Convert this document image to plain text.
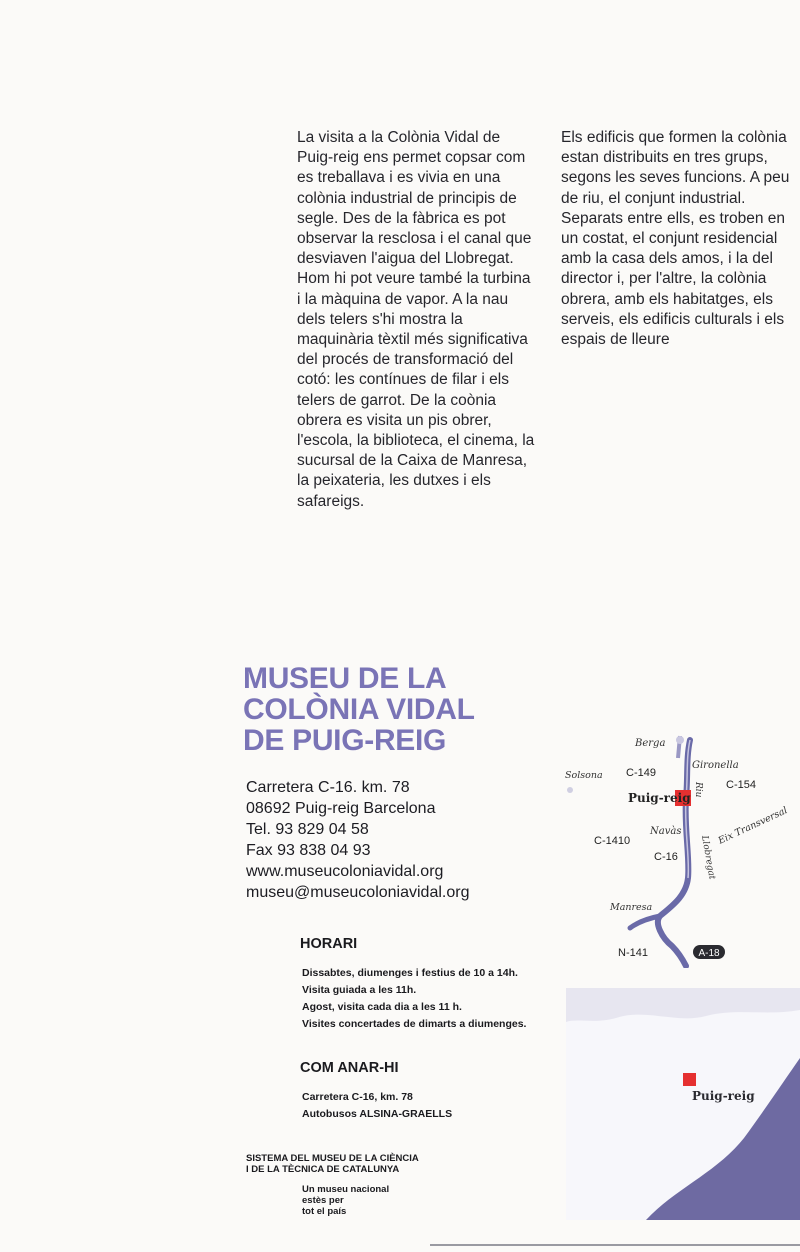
La visita a la Colònia Vidal de Puig-reig ens permet copsar com es treballava i es vivia en una colònia industrial de principis de segle. Des de la fàbrica es pot observar la resclosa i el canal que desviaven l'aigua del Llobregat. Hom hi pot veure també la turbina i la màquina de vapor. A la nau dels telers s'hi mostra la maquinària tèxtil més significativa del procés de transformació del cotó: les contínues de filar i els telers de garrot. De la coònia obrera es visita un pis obrer, l'escola, la biblioteca, el cinema, la sucursal de la Caixa de Manresa, la peixateria, les dutxes i els safareigs.

Els edificis que formen la colònia estan distribuits en tres grups, segons les seves funcions. A peu de riu, el conjunt industrial. Separats entre ells, es troben en un costat, el conjunt residencial amb la casa dels amos, i la del director i, per l'altre, la colònia obrera, amb els habitatges, els serveis, els edificis culturals i els espais de lleure

MUSEU DE LA
COLÒNIA VIDAL
DE PUIG-REIG
Carretera C-16. km. 78
08692 Puig-reig Barcelona
Tel. 93 829 04 58
Fax 93 838 04 93
www.museucoloniavidal.org
museu@museucoloniavidal.org
HORARI
Dissabtes, diumenges i festius de 10 a 14h.
Visita guiada a les 11h.
Agost, visita cada dia a les 11 h.
Visites concertades de dimarts a diumenges.
COM ANAR-HI
Carretera C-16, km. 78
Autobusos ALSINA-GRAELLS
SISTEMA DEL MUSEU DE LA CIÈNCIA
I DE LA TÈCNICA DE CATALUNYA
Un museu nacional
estès per
tot el país
Berga
Gironella
Solsona C-149
C-154
Riu
Puig-reig
Navàs
C-1410
C-16 Llobregat
Eix Transversal
Manresa
N-141	A-18
Puig-reig
